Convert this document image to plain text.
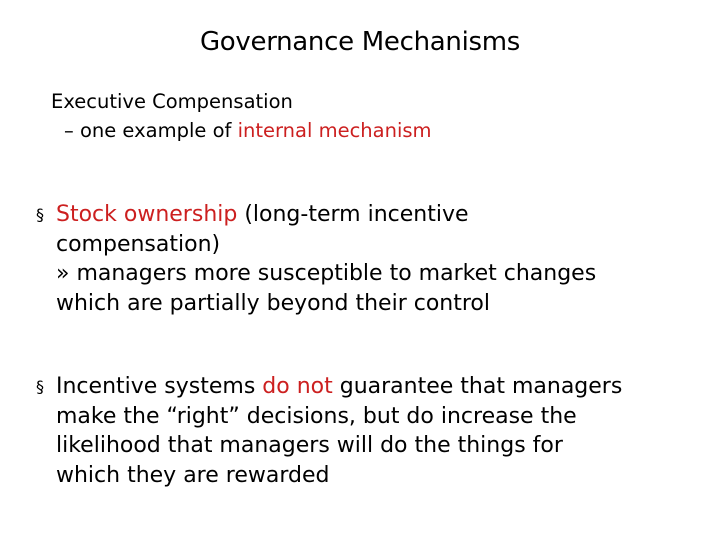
Governance Mechanisms
Executive Compensation
– one example of internal mechanism
§ Stock ownership (long-term incentive
compensation)
» managers more susceptible to market changes
which are partially beyond their control
§ Incentive systems do not guarantee that managers
make the “right” decisions, but do increase the
likelihood that managers will do the things for
which they are rewarded
